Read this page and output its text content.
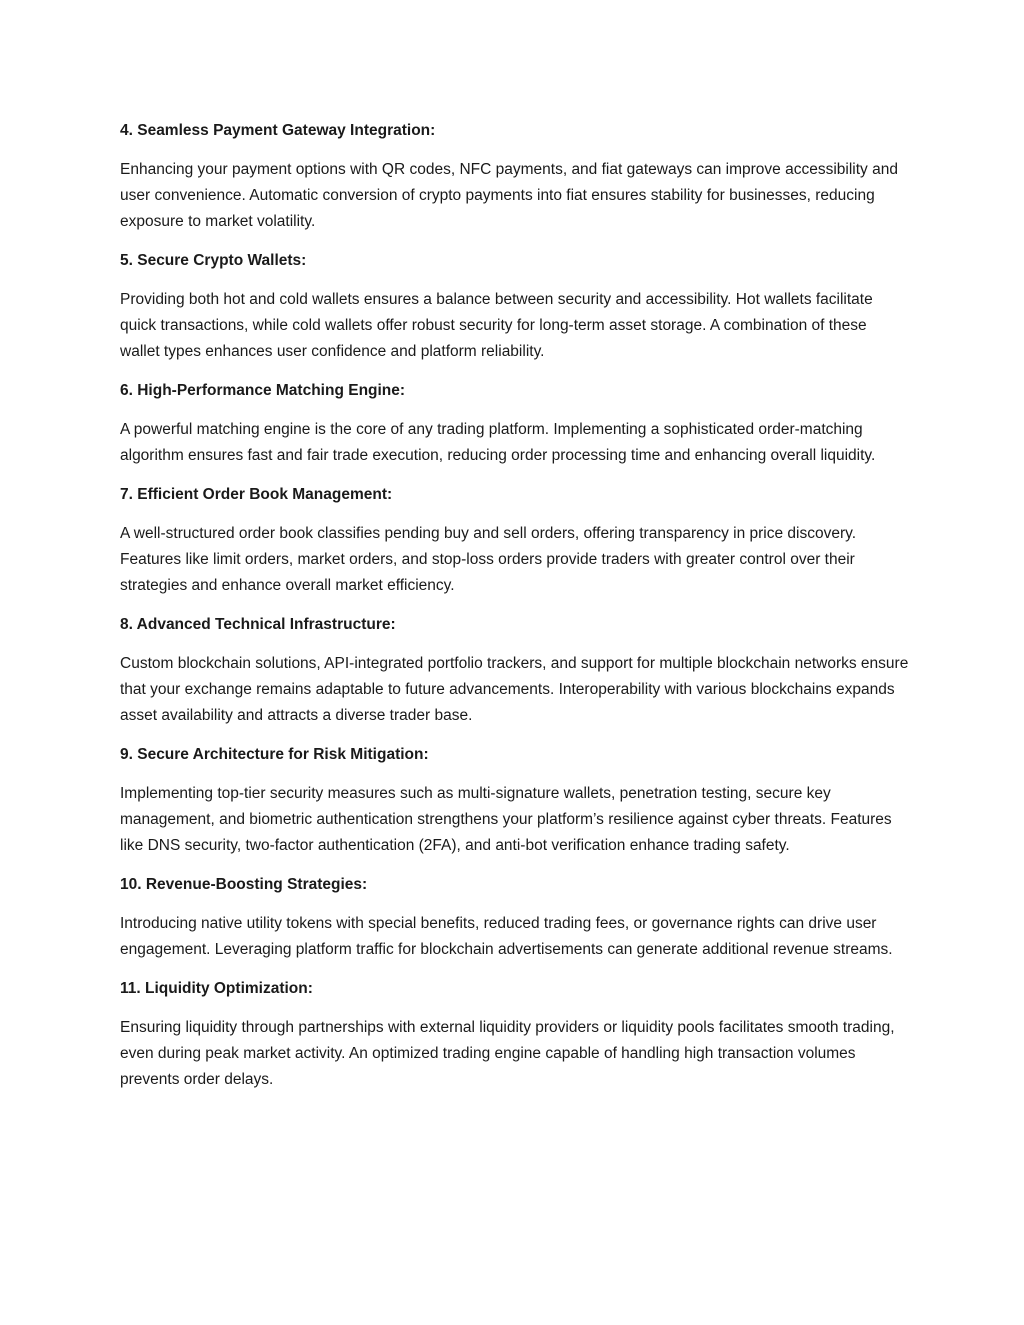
4. Seamless Payment Gateway Integration:

Enhancing your payment options with QR codes, NFC payments, and fiat gateways can improve accessibility and user convenience. Automatic conversion of crypto payments into fiat ensures stability for businesses, reducing exposure to market volatility.

5. Secure Crypto Wallets:

Providing both hot and cold wallets ensures a balance between security and accessibility. Hot wallets facilitate quick transactions, while cold wallets offer robust security for long-term asset storage. A combination of these wallet types enhances user confidence and platform reliability.

6. High-Performance Matching Engine:

A powerful matching engine is the core of any trading platform. Implementing a sophisticated order-matching algorithm ensures fast and fair trade execution, reducing order processing time and enhancing overall liquidity.

7. Efficient Order Book Management:

A well-structured order book classifies pending buy and sell orders, offering transparency in price discovery. Features like limit orders, market orders, and stop-loss orders provide traders with greater control over their strategies and enhance overall market efficiency.

8. Advanced Technical Infrastructure:

Custom blockchain solutions, API-integrated portfolio trackers, and support for multiple blockchain networks ensure that your exchange remains adaptable to future advancements. Interoperability with various blockchains expands asset availability and attracts a diverse trader base.

9. Secure Architecture for Risk Mitigation:

Implementing top-tier security measures such as multi-signature wallets, penetration testing, secure key management, and biometric authentication strengthens your platform’s resilience against cyber threats. Features like DNS security, two-factor authentication (2FA), and anti-bot verification enhance trading safety.

10. Revenue-Boosting Strategies:

Introducing native utility tokens with special benefits, reduced trading fees, or governance rights can drive user engagement. Leveraging platform traffic for blockchain advertisements can generate additional revenue streams.

11. Liquidity Optimization:

Ensuring liquidity through partnerships with external liquidity providers or liquidity pools facilitates smooth trading, even during peak market activity. An optimized trading engine capable of handling high transaction volumes prevents order delays.
